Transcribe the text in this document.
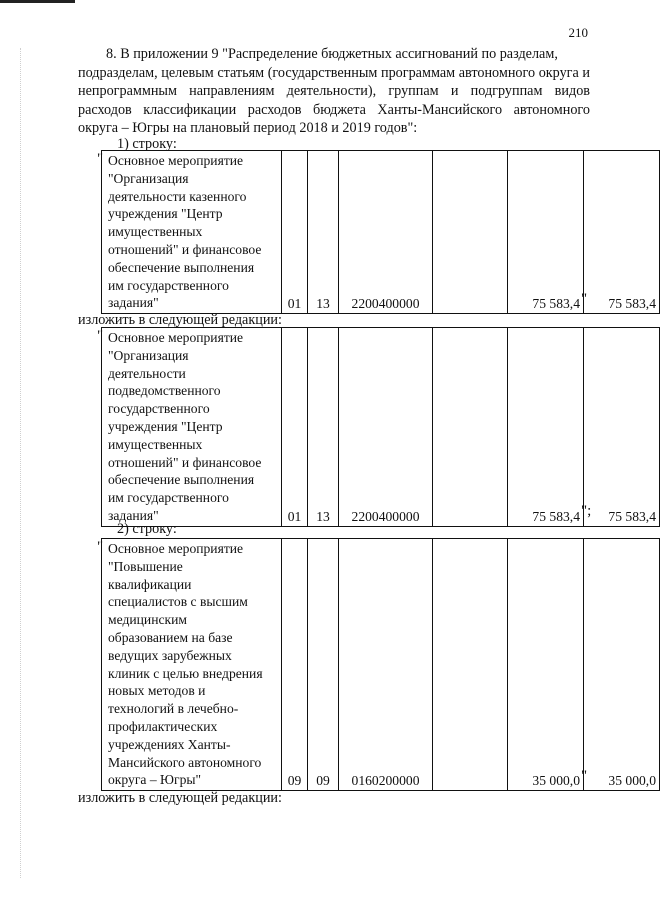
210

8. В приложении 9 "Распределение бюджетных ассигнований по разделам,
подразделам, целевым статьям (государственным программам автономного округа и непрограммным направлениям деятельности), группам и подгруппам видов расходов классификации расходов бюджета Ханты-Мансийского автономного округа – Югры на плановый период 2018 и 2019 годов":

1) строку:
" Основное мероприятие
"Организация
деятельности казенного
учреждения "Центр
имущественных
отношений" и финансовое
обеспечение выполнения
им государственного
задания"	01	13	2200400000		75 583,4	75 583,4
"
изложить в следующей редакции:
" Основное мероприятие
"Организация
деятельности
подведомственного
государственного
учреждения "Центр
имущественных
отношений" и финансовое
обеспечение выполнения
им государственного
задания"	01	13	2200400000		75 583,4	75 583,4
";
2) строку:
" Основное мероприятие
"Повышение
квалификации
специалистов с высшим
медицинским
образованием на базе
ведущих зарубежных
клиник с целью внедрения
новых методов и
технологий в лечебно-
профилактических
учреждениях Ханты-
Мансийского автономного
округа – Югры"	09	09	0160200000		35 000,0	35 000,0
"
изложить в следующей редакции:
